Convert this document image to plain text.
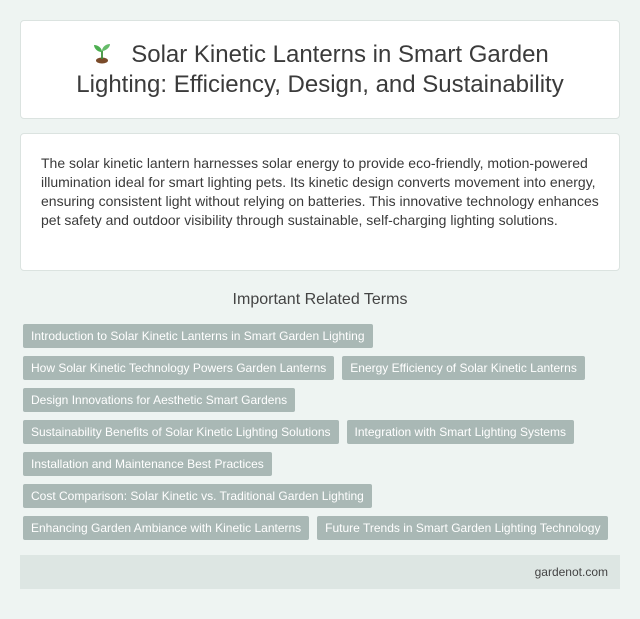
Solar Kinetic Lanterns in Smart Garden Lighting: Efficiency, Design, and Sustainability

The solar kinetic lantern harnesses solar energy to provide eco-friendly, motion-powered illumination ideal for smart lighting pets. Its kinetic design converts movement into energy, ensuring consistent light without relying on batteries. This innovative technology enhances pet safety and outdoor visibility through sustainable, self-charging lighting solutions.

Important Related Terms
Introduction to Solar Kinetic Lanterns in Smart Garden Lighting
How Solar Kinetic Technology Powers Garden Lanterns	Energy Efficiency of Solar Kinetic Lanterns
Design Innovations for Aesthetic Smart Gardens
Sustainability Benefits of Solar Kinetic Lighting Solutions	Integration with Smart Lighting Systems
Installation and Maintenance Best Practices
Cost Comparison: Solar Kinetic vs. Traditional Garden Lighting
Enhancing Garden Ambiance with Kinetic Lanterns	Future Trends in Smart Garden Lighting Technology
gardenot.com
